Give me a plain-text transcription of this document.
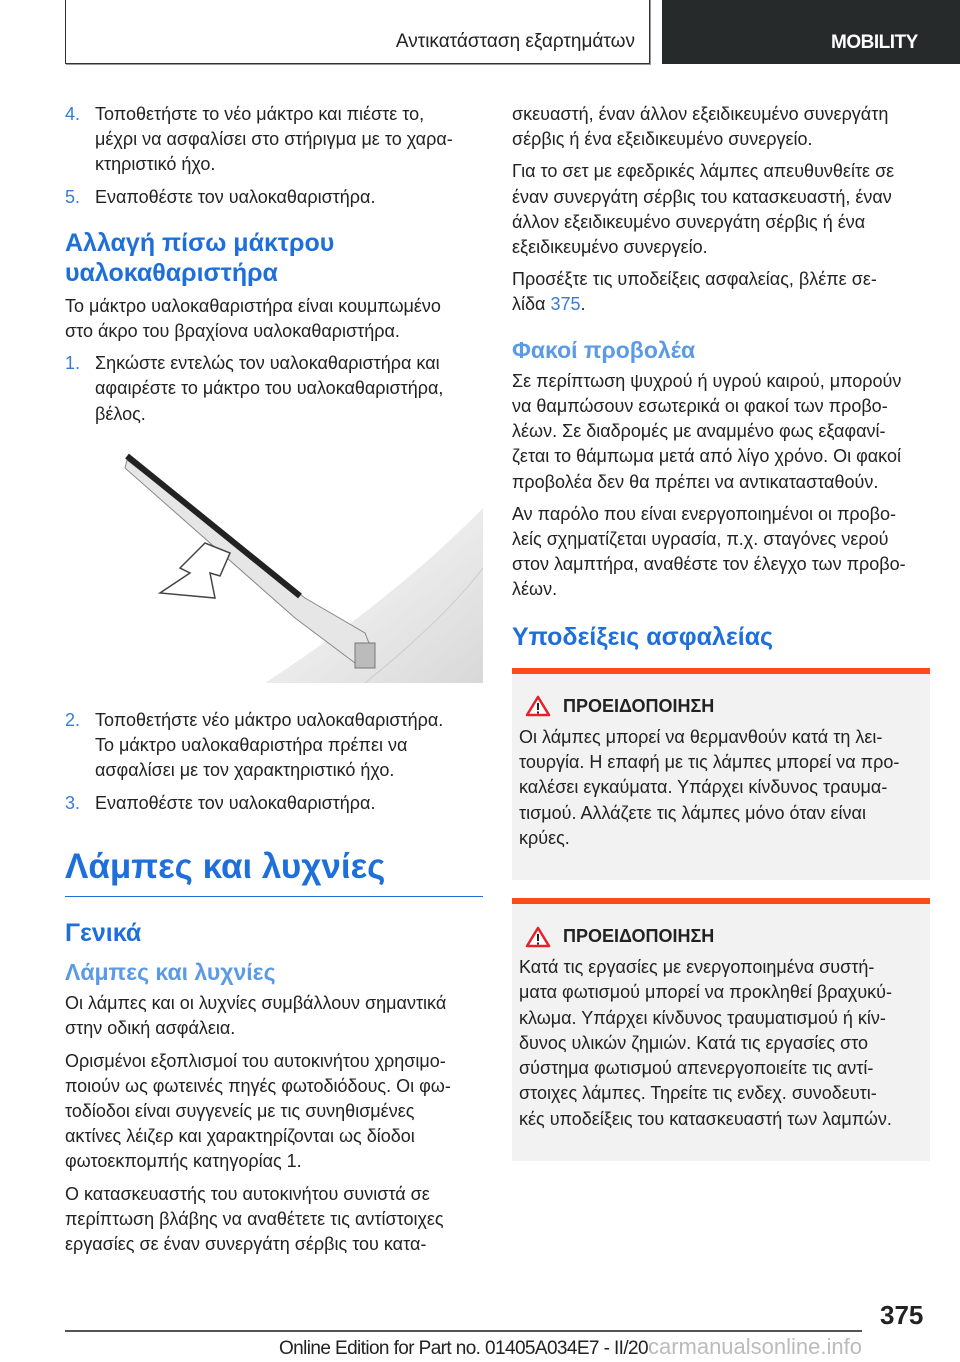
Αντικατάσταση εξαρτημάτων	MOBILITY
4. Τοποθετήστε το νέο μάκτρο και πιέστε το,
μέχρι να ασφαλίσει στο στήριγμα με το χαρα-
κτηριστικό ήχο.
5. Εναποθέστε τον υαλοκαθαριστήρα.
Αλλαγή πίσω μάκτρου
υαλοκαθαριστήρα

Το μάκτρο υαλοκαθαριστήρα είναι κουμπωμένο
στο άκρο του βραχίονα υαλοκαθαριστήρα.

1. Σηκώστε εντελώς τον υαλοκαθαριστήρα και
αφαιρέστε το μάκτρο του υαλοκαθαριστήρα,
βέλος.
2. Τοποθετήστε νέο μάκτρο υαλοκαθαριστήρα.
Το μάκτρο υαλοκαθαριστήρα πρέπει να
ασφαλίσει με τον χαρακτηριστικό ήχο.
3. Εναποθέστε τον υαλοκαθαριστήρα.
Λάμπες και λυχνίες
Γενικά
Λάμπες και λυχνίες

Οι λάμπες και οι λυχνίες συμβάλλουν σημαντικά
στην οδική ασφάλεια.

Ορισμένοι εξοπλισμοί του αυτοκινήτου χρησιμο-
ποιούν ως φωτεινές πηγές φωτοδιόδους. Οι φω-
τοδίοδοι είναι συγγενείς με τις συνηθισμένες
ακτίνες λέιζερ και χαρακτηρίζονται ως δίοδοι
φωτοεκπομπής κατηγορίας 1.

Ο κατασκευαστής του αυτοκινήτου συνιστά σε
περίπτωση βλάβης να αναθέτετε τις αντίστοιχες
εργασίες σε έναν συνεργάτη σέρβις του κατα-

σκευαστή, έναν άλλον εξειδικευμένο συνεργάτη
σέρβις ή ένα εξειδικευμένο συνεργείο.

Για το σετ με εφεδρικές λάμπες απευθυνθείτε σε
έναν συνεργάτη σέρβις του κατασκευαστή, έναν
άλλον εξειδικευμένο συνεργάτη σέρβις ή ένα
εξειδικευμένο συνεργείο.

Προσέξτε τις υποδείξεις ασφαλείας, βλέπε σε-
λίδα 375.

Φακοί προβολέα

Σε περίπτωση ψυχρού ή υγρού καιρού, μπορούν
να θαμπώσουν εσωτερικά οι φακοί των προβο-
λέων. Σε διαδρομές με αναμμένο φως εξαφανί-
ζεται το θάμπωμα μετά από λίγο χρόνο. Οι φακοί
προβολέα δεν θα πρέπει να αντικατασταθούν.

Αν παρόλο που είναι ενεργοποιημένοι οι προβο-
λείς σχηματίζεται υγρασία, π.χ. σταγόνες νερού
στον λαμπτήρα, αναθέστε τον έλεγχο των προβο-
λέων.

Υποδείξεις ασφαλείας
ΠΡΟΕΙΔΟΠΟΙΗΣΗ

Οι λάμπες μπορεί να θερμανθούν κατά τη λει-
τουργία. Η επαφή με τις λάμπες μπορεί να προ-
καλέσει εγκαύματα. Υπάρχει κίνδυνος τραυμα-
τισμού. Αλλάζετε τις λάμπες μόνο όταν είναι
κρύες.

ΠΡΟΕΙΔΟΠΟΙΗΣΗ

Κατά τις εργασίες με ενεργοποιημένα συστή-
ματα φωτισμού μπορεί να προκληθεί βραχυκύ-
κλωμα. Υπάρχει κίνδυνος τραυματισμού ή κίν-
δυνος υλικών ζημιών. Κατά τις εργασίες στο
σύστημα φωτισμού απενεργοποιείτε τις αντί-
στοιχες λάμπες. Τηρείτε τις ενδεχ. συνοδευτι-
κές υποδείξεις του κατασκευαστή των λαμπών.

375
Online Edition for Part no. 01405A034E7 - II/20carmanualsonline.info
